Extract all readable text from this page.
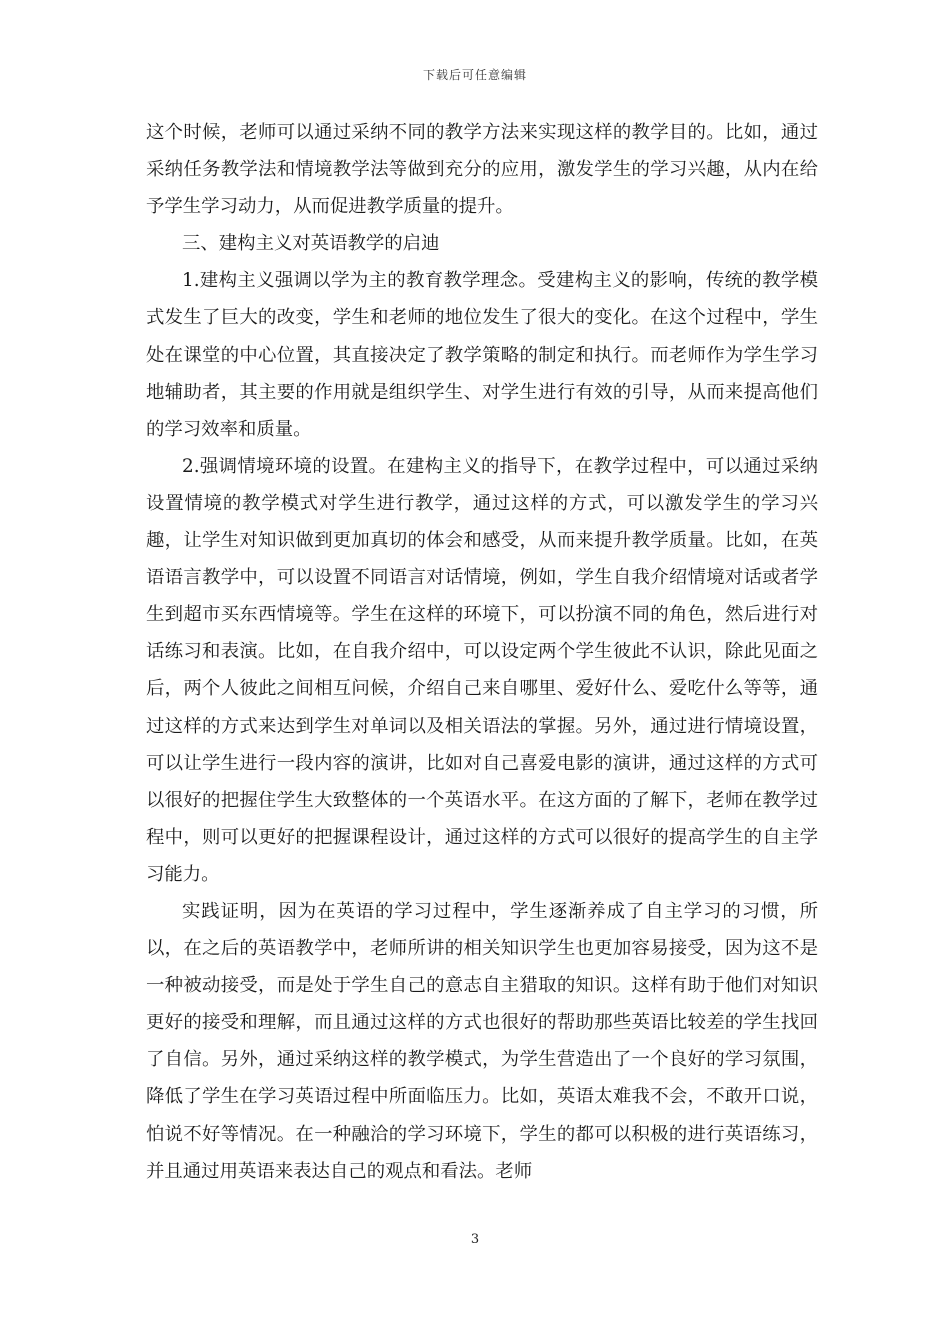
下载后可任意编辑

这个时候，老师可以通过采纳不同的教学方法来实现这样的教学目的。比如，通过采纳任务教学法和情境教学法等做到充分的应用，激发学生的学习兴趣，从内在给予学生学习动力，从而促进教学质量的提升。

三、建构主义对英语教学的启迪

1.建构主义强调以学为主的教育教学理念。受建构主义的影响，传统的教学模式发生了巨大的改变，学生和老师的地位发生了很大的变化。在这个过程中，学生处在课堂的中心位置，其直接决定了教学策略的制定和执行。而老师作为学生学习地辅助者，其主要的作用就是组织学生、对学生进行有效的引导，从而来提高他们的学习效率和质量。

2.强调情境环境的设置。在建构主义的指导下，在教学过程中，可以通过采纳设置情境的教学模式对学生进行教学，通过这样的方式，可以激发学生的学习兴趣，让学生对知识做到更加真切的体会和感受，从而来提升教学质量。比如，在英语语言教学中，可以设置不同语言对话情境，例如，学生自我介绍情境对话或者学生到超市买东西情境等。学生在这样的环境下，可以扮演不同的角色，然后进行对话练习和表演。比如，在自我介绍中，可以设定两个学生彼此不认识，除此见面之后，两个人彼此之间相互问候，介绍自己来自哪里、爱好什么、爱吃什么等等，通过这样的方式来达到学生对单词以及相关语法的掌握。另外，通过进行情境设置，可以让学生进行一段内容的演讲，比如对自己喜爱电影的演讲，通过这样的方式可以很好的把握住学生大致整体的一个英语水平。在这方面的了解下，老师在教学过程中，则可以更好的把握课程设计，通过这样的方式可以很好的提高学生的自主学习能力。

实践证明，因为在英语的学习过程中，学生逐渐养成了自主学习的习惯，所以，在之后的英语教学中，老师所讲的相关知识学生也更加容易接受，因为这不是一种被动接受，而是处于学生自己的意志自主猎取的知识。这样有助于他们对知识更好的接受和理解，而且通过这样的方式也很好的帮助那些英语比较差的学生找回了自信。另外，通过采纳这样的教学模式，为学生营造出了一个良好的学习氛围，降低了学生在学习英语过程中所面临压力。比如，英语太难我不会，不敢开口说，怕说不好等情况。在一种融洽的学习环境下，学生的都可以积极的进行英语练习，并且通过用英语来表达自己的观点和看法。老师

3
